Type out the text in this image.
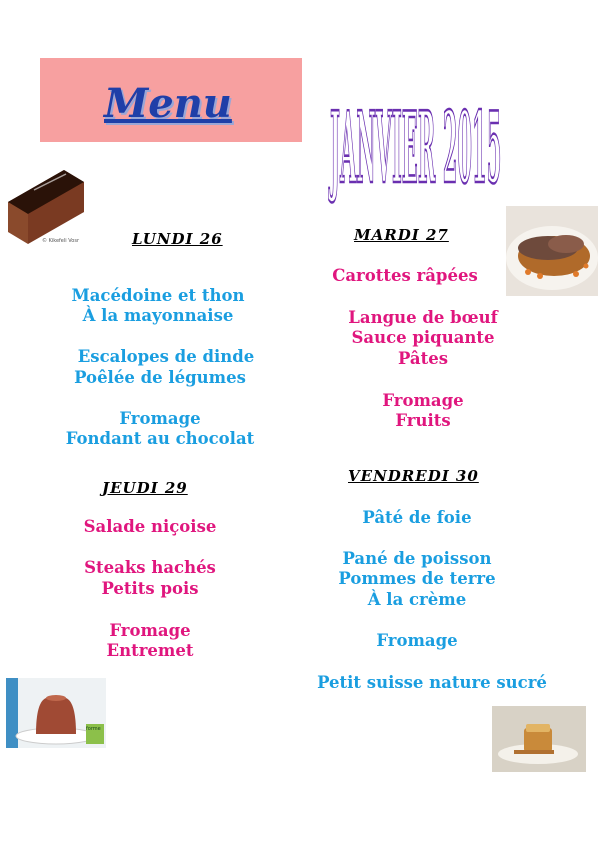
Menu	JANVIER 2015
© Kikefeli Vosr
formebienetre.com	forme
LUNDI 26
Macédoine et thon
À la mayonnaise
Escalopes de dinde
Poêlée de légumes
Fromage
Fondant au chocolat
MARDI 27
Carottes râpées
Langue de bœuf
Sauce piquante
Pâtes
Fromage
Fruits
JEUDI 29
Salade niçoise
Steaks hachés
Petits pois
Fromage
Entremet
VENDREDI 30
Pâté de foie
Pané de poisson
Pommes de terre
À la crème
Fromage
Petit suisse nature sucré
